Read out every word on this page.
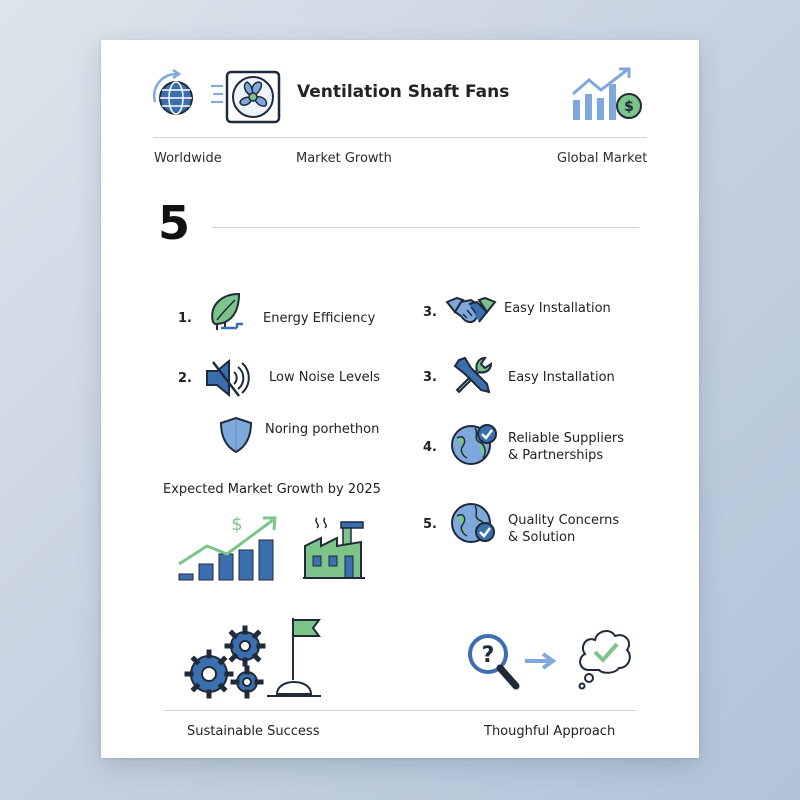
Ventilation Shaft Fans
$
Worldwide	Market Growth	Global Market
5
1.	Energy Efficiency
2.	Low Noise Levels
Noring porhethon
Expected Market Growth by 2025
$
3.	Easy Installation
3.	Easy Installation
4.
Reliable Suppliers
& Partnerships
5.	Quality Concerns
& Solution
?
Sustainable Success	Thoughful Approach
